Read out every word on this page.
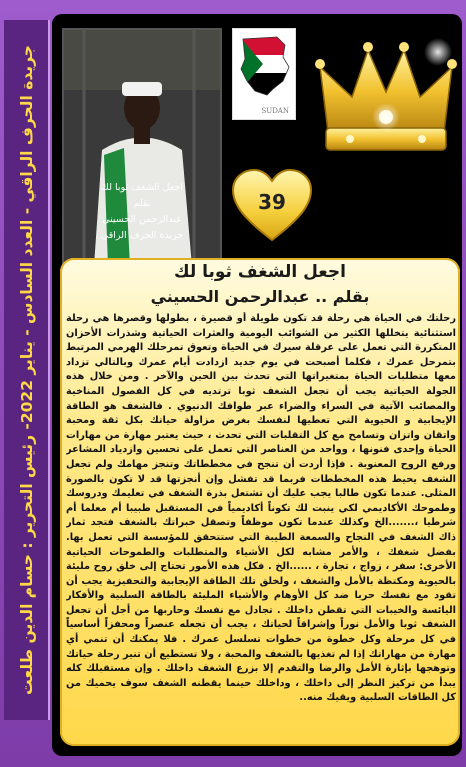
جريدة الحرف الراقي - العدد السادس - يناير 2022- رئيس التحرير : حسام الدين طلعت	اجعل الشغف ثوبا لك
بقلم
عبدالرحمن الحسيني
جريدة الحرف الراقي
SUDAN
39
اجعل الشغف ثوبا لك
بقلم .. عبدالرحمن الحسيني
رحلتك في الحياة هي رحلة قد تكون طويلة أو قصيرة ، بطولها وقصرها هي رحلة استثنائية يتخللها الكثير من الشوائب اليومية والعثرات الحياتية وشذرات الأحزان المتكررة التي تعمل على عرقلة سيرك في الحياة وتعوق تمرحلك الهرمي المرتبط بتمرحل عمرك ، فكلما أصبحت في يوم جديد ازدادت أيام عمرك وبالتالي تزداد معها متطلبات الحياة بمتغيراتها التي تحدث بين الحين والآخر . ومن خلال هذه الجولة الحياتية يجب أن تجعل الشغف ثوبا ترتديه في كل الفصول المناخية والمصائب الآتية في السراء والضراء عبر طوافك الدنيوي . فالشغف هو الطاقة الإيجابية و الحيوية التي تعطيها لنفسك بغرض مزاولة حياتك بكل ثقة ومحبة واتقان واتزان وتسامح مع كل التقلبات التي تحدث ، حيث يعتبر مهارة من مهارات الحياة وإحدى فنونها ، وواحد من العناصر التي تعمل على تحسين وازدياد المشاعر ورفع الروح المعنوية . فإذا أردت أن تنجح في مخططاتك وتنجز مهامك ولم تجعل الشغف يحيط هذه المخططات فربما قد تفشل وإن أنجزتها قد لا تكون بالصورة المثلى. عندما تكون طالبا يجب عليك أن تشتعل بذرة الشغف في تعليمك ودروسك وطموحك الأكاديمي لكي ينبت لك تكوناً أكاديمياً في المستقبل طبيبا أم معلما أم شرطيا ،.......الخ وكذلك عندما تكون موظفاً وتصقل خبراتك بالشغف فتجد ثمار ذاك الشغف في النجاح والسمعة الطيبة التي ستتحقق للمؤسسة التي تعمل بها. بفضل شغفك ، والأمر مشابه لكل الأشياء والمتطلبات والطموحات الحياتية الأخرى: سفر ، زواج ، تجارة ، ......الخ . فكل هذه الأمور تحتاج إلى خلق روح مليئة بالحيوية ومكتظة بالأمل والشغف ، ولخلق تلك الطاقة الإيجابية والتحفيزية يجب أن تقود مع نفسك حربا ضد كل الأوهام والأشياء المليئة بالطاقة السلبية والأفكار اليائسة والخيبات التي تقطن داخلك . تجادل مع نفسك وحاربها من أجل أن تجعل الشغف ثوبا والأمل نوراً وإشراقاً لحياتك ، يجب أن تجعله عنصراً ومحفزاً أساسياً في كل مرحلة وكل خطوة من خطوات تسلسل عمرك . فلا يمكنك أن تنمي أي مهارة من مهاراتك إذا لم تغذيها بالشغف والمحبة ، ولا تستطيع أن تنير رحلة حياتك وتوهجها بإثارة الأمل والرضا والتقدم إلا بزرع الشغف داخلك . وإن مستقبلك كله يبدأ من تركيز النظر إلى داخلك ، وداخلك حينما يقطنه الشغف سوف يحميك من كل الطاقات السلبية ويقيك منه..
